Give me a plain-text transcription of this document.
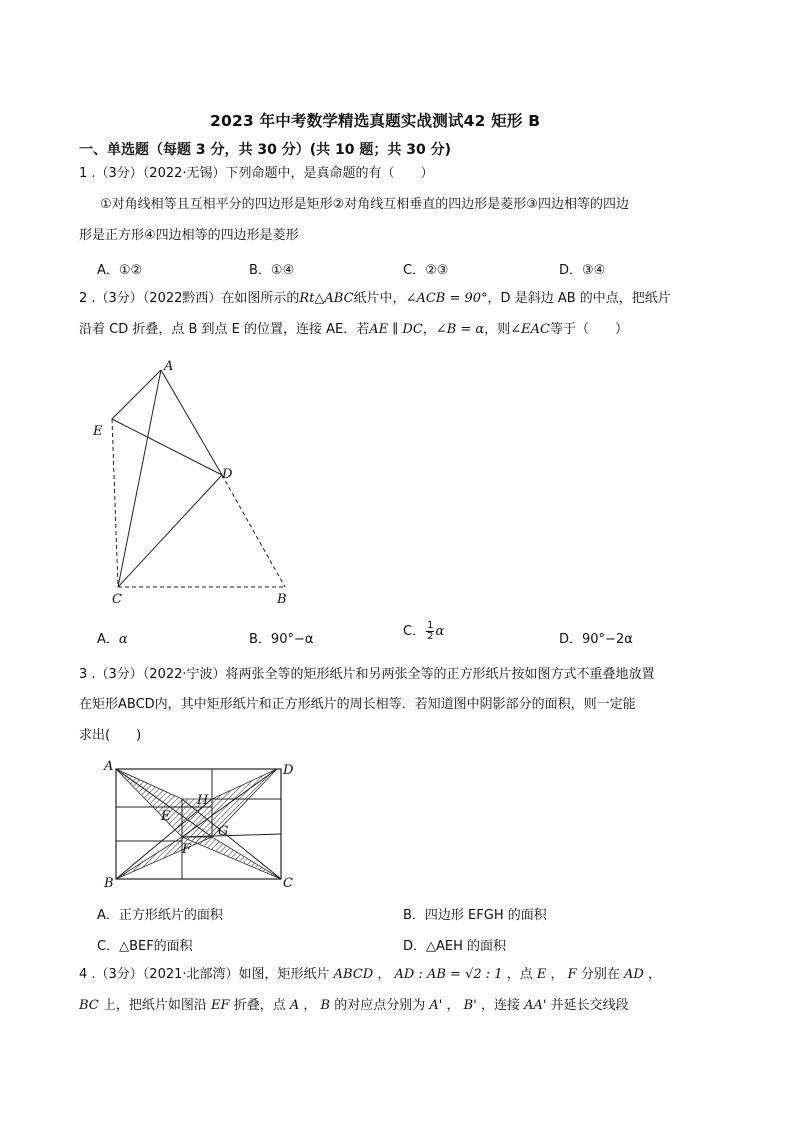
2023 年中考数学精选真题实战测试42 矩形 B
一、单选题（每题 3 分，共 30 分）(共 10 题；共 30 分)
1 .（3分）（2022·无锡）下列命题中，是真命题的有（　　）
①对角线相等且互相平分的四边形是矩形②对角线互相垂直的四边形是菱形③四边相等的四边
形是正方形④四边相等的四边形是菱形
A．①②	B．①④	C．②③	D．③④
2 .（3分）（2022黔西）在如图所示的Rt△ABC纸片中，∠ACB = 90°，D 是斜边 AB 的中点，把纸片
沿着 CD 折叠，点 B 到点 E 的位置，连接 AE．若AE ∥ DC，∠B = α，则∠EAC等于（　　）
A
E
D
C	B
A．α	B．90°−α
C． $\frac{1}{2}$ α
D．90°−2α
3 .（3分）（2022·宁波）将两张全等的矩形纸片和另两张全等的正方形纸片按如图方式不重叠地放置
在矩形ABCD内，其中矩形纸片和正方形纸片的周长相等．若知道图中阴影部分的面积，则一定能
求出(　　)
A	D
H
E
G
F
B	C
A．正方形纸片的面积	B．四边形 EFGH 的面积
C．△BEF的面积	D．△AEH 的面积
4 .（3分）（2021·北部湾）如图，矩形纸片 ABCD ， AD : AB = √2 : 1 ，点 E ， F 分别在 AD ，
BC 上，把纸片如图沿 EF 折叠，点 A ， B 的对应点分别为 A' ， B' ，连接 AA' 并延长交线段
